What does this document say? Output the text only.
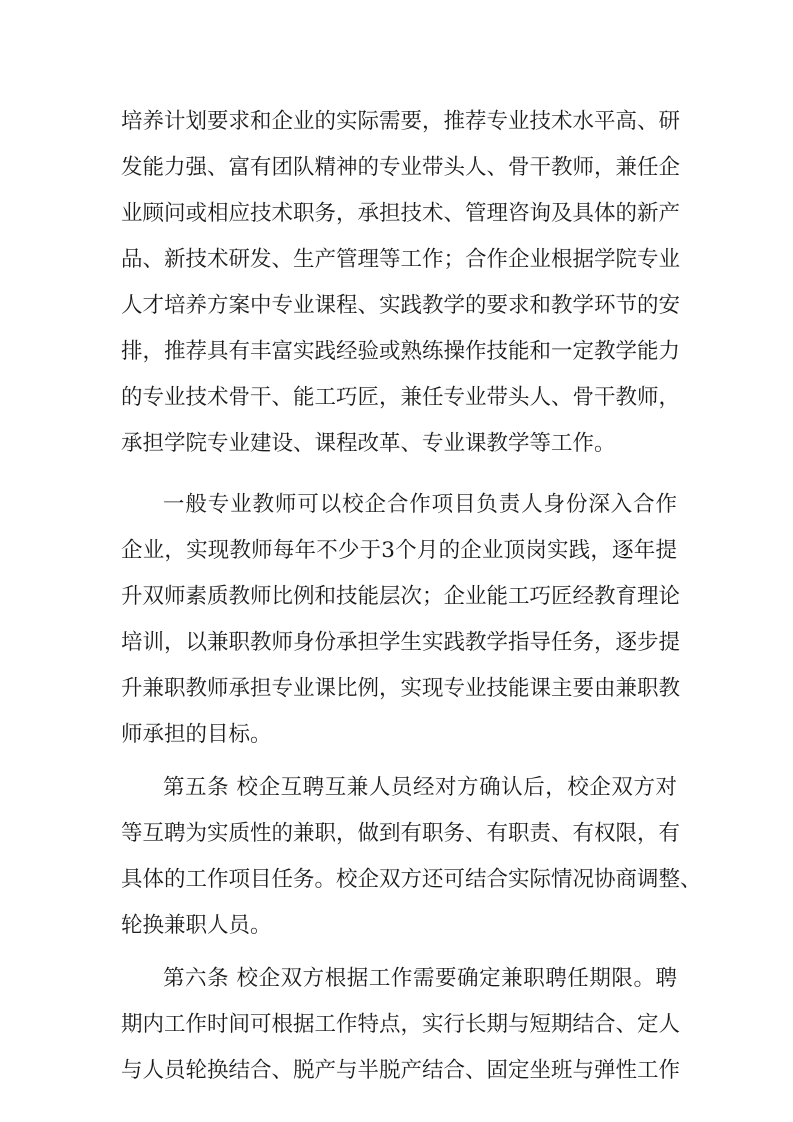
培养计划要求和企业的实际需要，推荐专业技术水平高、研
发能力强、富有团队精神的专业带头人、骨干教师，兼任企
业顾问或相应技术职务，承担技术、管理咨询及具体的新产
品、新技术研发、生产管理等工作；合作企业根据学院专业
人才培养方案中专业课程、实践教学的要求和教学环节的安
排，推荐具有丰富实践经验或熟练操作技能和一定教学能力
的专业技术骨干、能工巧匠，兼任专业带头人、骨干教师，
承担学院专业建设、课程改革、专业课教学等工作。
一般专业教师可以校企合作项目负责人身份深入合作
企业，实现教师每年不少于3个月的企业顶岗实践，逐年提
升双师素质教师比例和技能层次；企业能工巧匠经教育理论
培训，以兼职教师身份承担学生实践教学指导任务，逐步提
升兼职教师承担专业课比例，实现专业技能课主要由兼职教
师承担的目标。
第五条 校企互聘互兼人员经对方确认后，校企双方对
等互聘为实质性的兼职，做到有职务、有职责、有权限，有
具体的工作项目任务。校企双方还可结合实际情况协商调整、
轮换兼职人员。
第六条 校企双方根据工作需要确定兼职聘任期限。聘
期内工作时间可根据工作特点，实行长期与短期结合、定人
与人员轮换结合、脱产与半脱产结合、固定坐班与弹性工作
